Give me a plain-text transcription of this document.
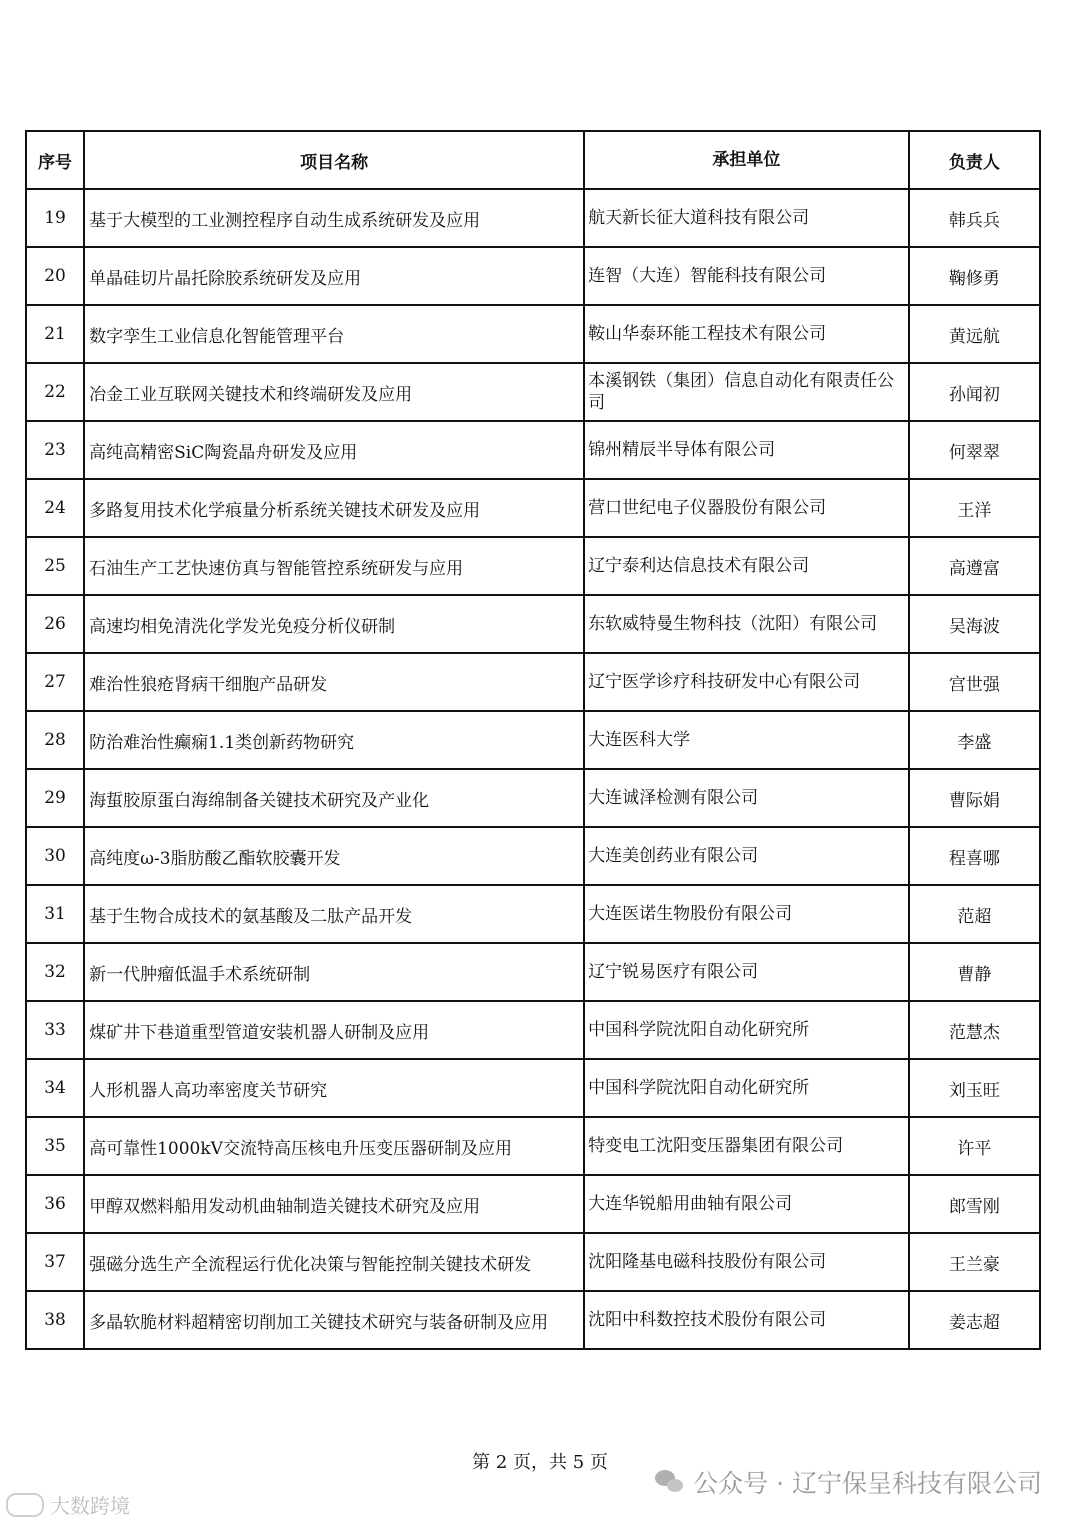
序号	项目名称	承担单位	负责人
19	基于大模型的工业测控程序自动生成系统研发及应用	航天新长征大道科技有限公司	韩兵兵
20	单晶硅切片晶托除胶系统研发及应用	连智（大连）智能科技有限公司	鞠修勇
21	数字孪生工业信息化智能管理平台	鞍山华泰环能工程技术有限公司	黄远航
22	冶金工业互联网关键技术和终端研发及应用	本溪钢铁（集团）信息自动化有限责任公司	孙闻初
23	高纯高精密SiC陶瓷晶舟研发及应用	锦州精辰半导体有限公司	何翠翠
24	多路复用技术化学痕量分析系统关键技术研发及应用	营口世纪电子仪器股份有限公司	王洋
25	石油生产工艺快速仿真与智能管控系统研发与应用	辽宁泰利达信息技术有限公司	高遵富
26	高速均相免清洗化学发光免疫分析仪研制	东软威特曼生物科技（沈阳）有限公司	吴海波
27	难治性狼疮肾病干细胞产品研发	辽宁医学诊疗科技研发中心有限公司	宫世强
28	防治难治性癫痫1.1类创新药物研究	大连医科大学	李盛
29	海蜇胶原蛋白海绵制备关键技术研究及产业化	大连诚泽检测有限公司	曹际娟
30	高纯度ω-3脂肪酸乙酯软胶囊开发	大连美创药业有限公司	程喜哪
31	基于生物合成技术的氨基酸及二肽产品开发	大连医诺生物股份有限公司	范超
32	新一代肿瘤低温手术系统研制	辽宁锐易医疗有限公司	曹静
33	煤矿井下巷道重型管道安装机器人研制及应用	中国科学院沈阳自动化研究所	范慧杰
34	人形机器人高功率密度关节研究	中国科学院沈阳自动化研究所	刘玉旺
35	高可靠性1000kV交流特高压核电升压变压器研制及应用	特变电工沈阳变压器集团有限公司	许平
36	甲醇双燃料船用发动机曲轴制造关键技术研究及应用	大连华锐船用曲轴有限公司	郎雪刚
37	强磁分选生产全流程运行优化决策与智能控制关键技术研发	沈阳隆基电磁科技股份有限公司	王兰豪
38	多晶软脆材料超精密切削加工关键技术研究与装备研制及应用	沈阳中科数控技术股份有限公司	姜志超
第 2 页，共 5 页
公众号 · 辽宁保呈科技有限公司
大数跨境
